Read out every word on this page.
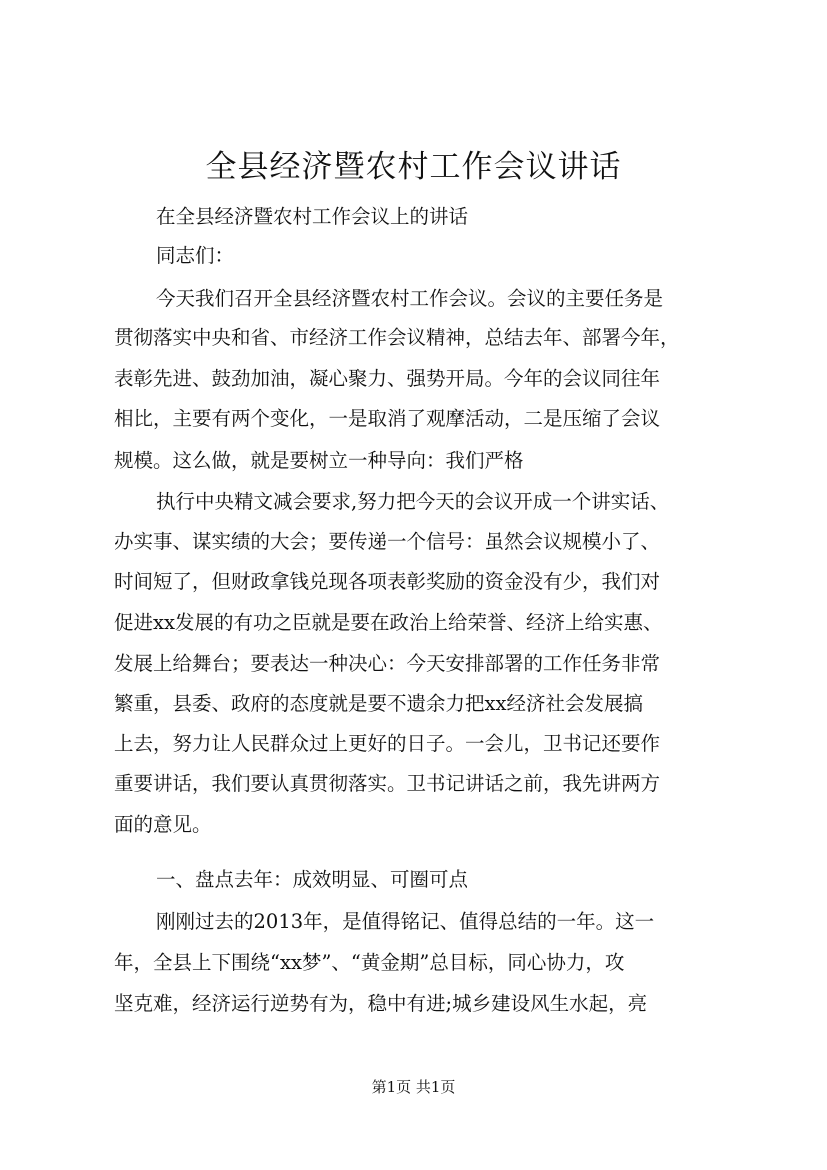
全县经济暨农村工作会议讲话

在全县经济暨农村工作会议上的讲话

同志们：

今天我们召开全县经济暨农村工作会议。会议的主要任务是

贯彻落实中央和省、市经济工作会议精神，总结去年、部署今年，

表彰先进、鼓劲加油，凝心聚力、强势开局。今年的会议同往年

相比，主要有两个变化，一是取消了观摩活动，二是压缩了会议

规模。这么做，就是要树立一种导向：我们严格

执行中央精文减会要求,努力把今天的会议开成一个讲实话、

办实事、谋实绩的大会；要传递一个信号：虽然会议规模小了、

时间短了，但财政拿钱兑现各项表彰奖励的资金没有少，我们对

促进xx发展的有功之臣就是要在政治上给荣誉、经济上给实惠、

发展上给舞台；要表达一种决心：今天安排部署的工作任务非常

繁重，县委、政府的态度就是要不遗余力把xx经济社会发展搞

上去，努力让人民群众过上更好的日子。一会儿，卫书记还要作

重要讲话，我们要认真贯彻落实。卫书记讲话之前，我先讲两方

面的意见。

一、盘点去年：成效明显、可圈可点

刚刚过去的2013年，是值得铭记、值得总结的一年。这一

年，全县上下围绕“xx梦”、“黄金期”总目标，同心协力，攻

坚克难，经济运行逆势有为，稳中有进;城乡建设风生水起，亮

第1页 共1页
